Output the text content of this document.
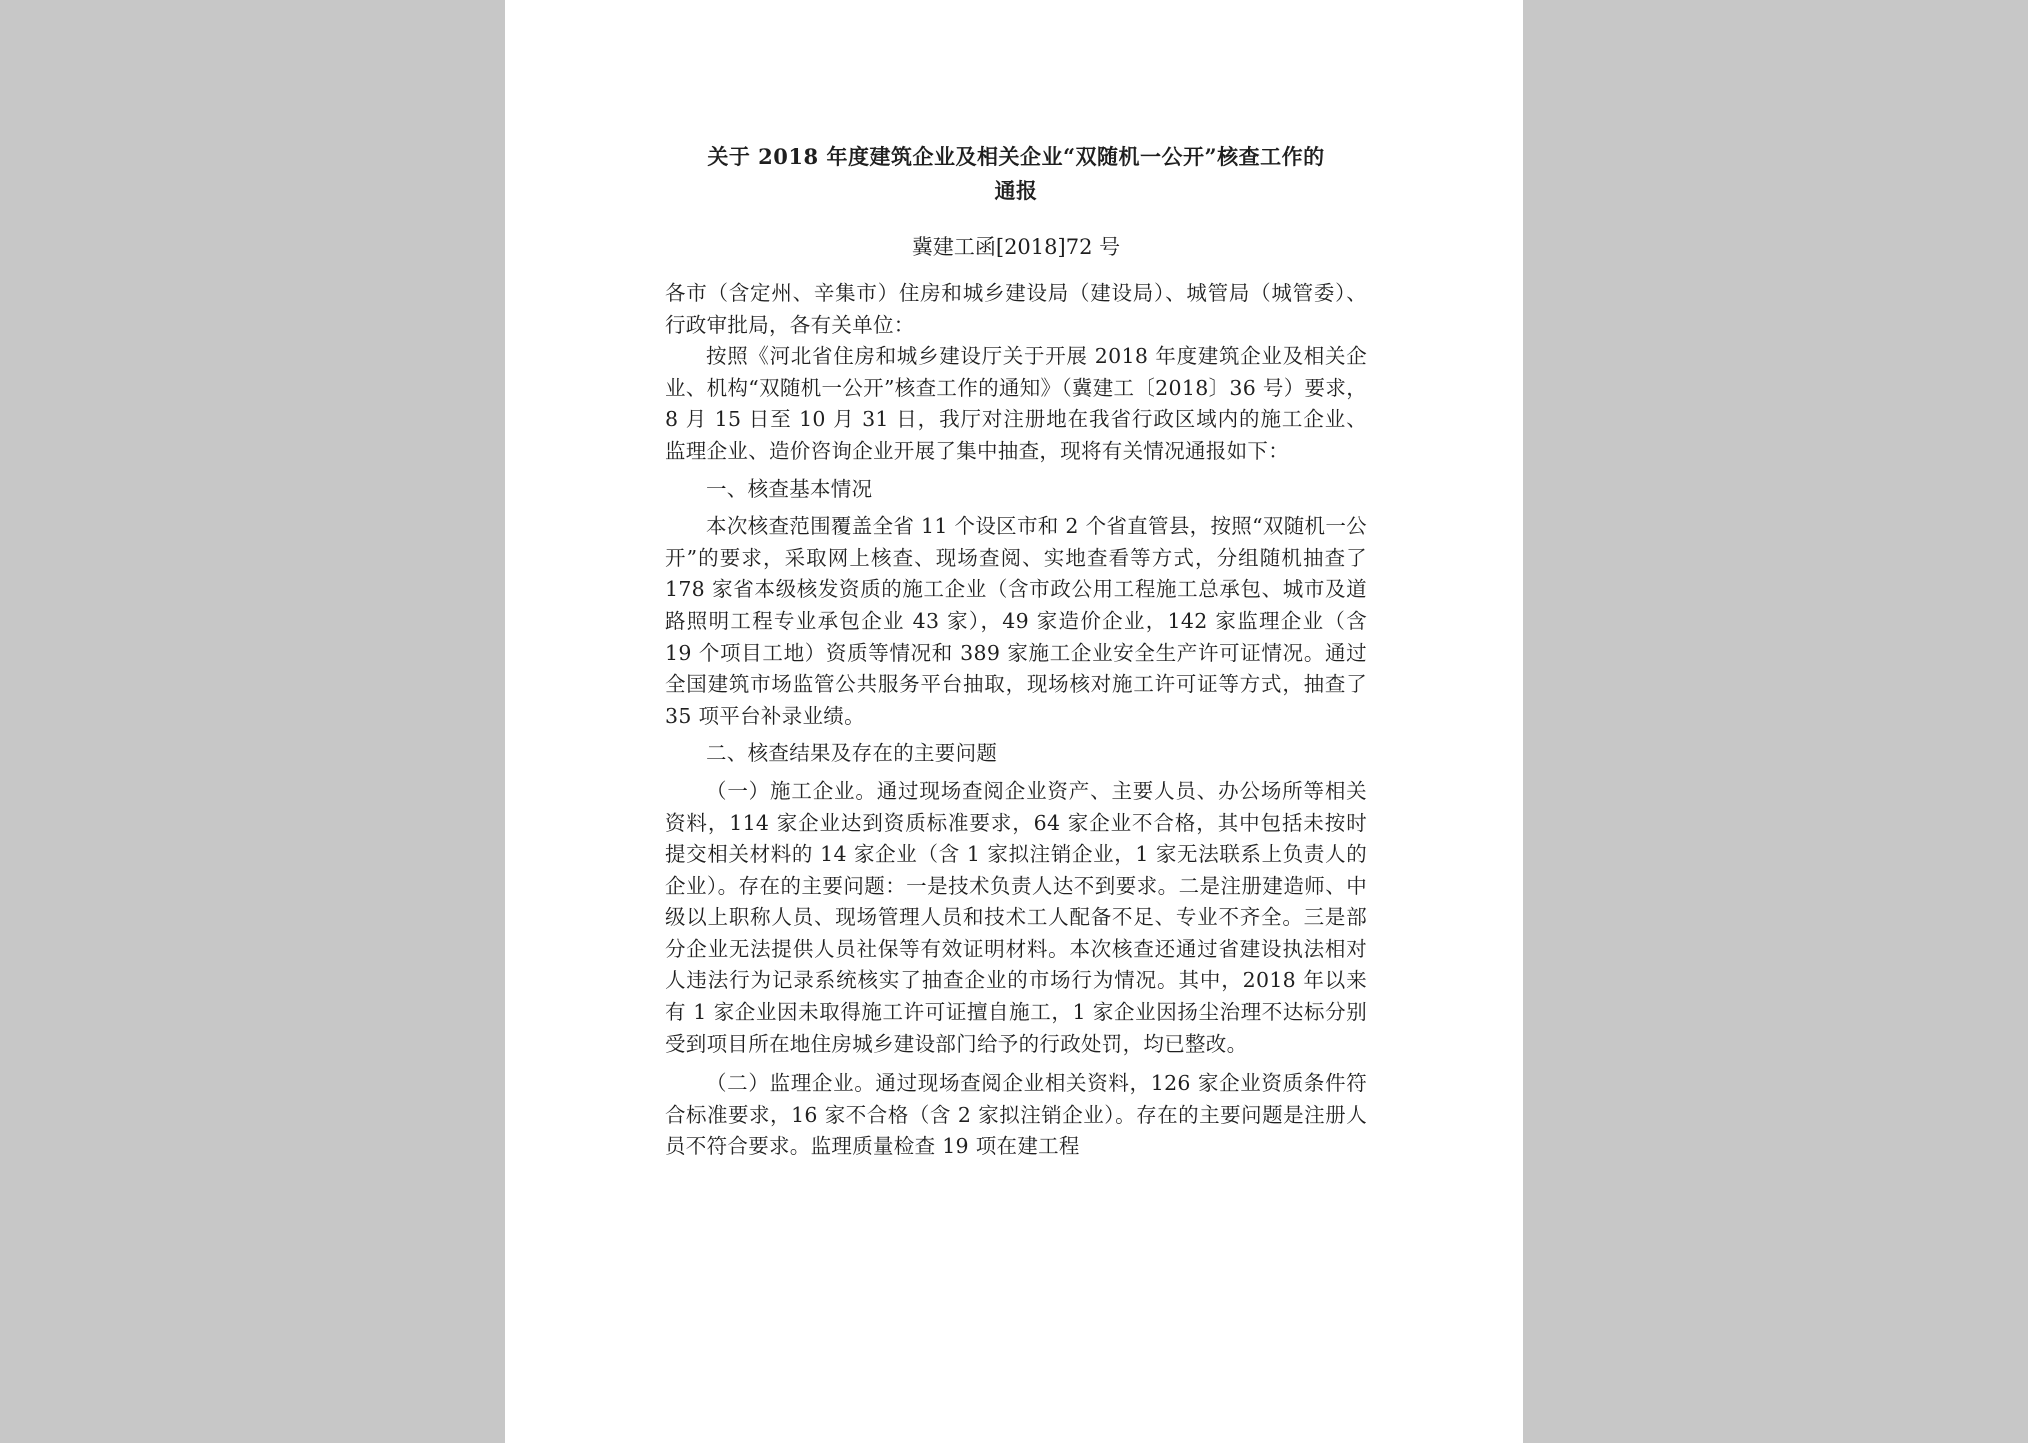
关于 2018 年度建筑企业及相关企业“双随机一公开”核查工作的
通报

冀建工函[2018]72 号

各市（含定州、辛集市）住房和城乡建设局（建设局）、城管局（城管委）、行政审批局，各有关单位：

按照《河北省住房和城乡建设厅关于开展 2018 年度建筑企业及相关企业、机构“双随机一公开”核查工作的通知》（冀建工〔2018〕36 号）要求，8 月 15 日至 10 月 31 日，我厅对注册地在我省行政区域内的施工企业、监理企业、造价咨询企业开展了集中抽查，现将有关情况通报如下：

一、核查基本情况

本次核查范围覆盖全省 11 个设区市和 2 个省直管县，按照“双随机一公开”的要求，采取网上核查、现场查阅、实地查看等方式，分组随机抽查了 178 家省本级核发资质的施工企业（含市政公用工程施工总承包、城市及道路照明工程专业承包企业 43 家），49 家造价企业，142 家监理企业（含 19 个项目工地）资质等情况和 389 家施工企业安全生产许可证情况。通过全国建筑市场监管公共服务平台抽取，现场核对施工许可证等方式，抽查了 35 项平台补录业绩。

二、核查结果及存在的主要问题

（一）施工企业。通过现场查阅企业资产、主要人员、办公场所等相关资料，114 家企业达到资质标准要求，64 家企业不合格，其中包括未按时提交相关材料的 14 家企业（含 1 家拟注销企业，1 家无法联系上负责人的企业）。存在的主要问题：一是技术负责人达不到要求。二是注册建造师、中级以上职称人员、现场管理人员和技术工人配备不足、专业不齐全。三是部分企业无法提供人员社保等有效证明材料。本次核查还通过省建设执法相对人违法行为记录系统核实了抽查企业的市场行为情况。其中，2018 年以来有 1 家企业因未取得施工许可证擅自施工，1 家企业因扬尘治理不达标分别受到项目所在地住房城乡建设部门给予的行政处罚，均已整改。

（二）监理企业。通过现场查阅企业相关资料，126 家企业资质条件符合标准要求，16 家不合格（含 2 家拟注销企业）。存在的主要问题是注册人员不符合要求。监理质量检查 19 项在建工程
